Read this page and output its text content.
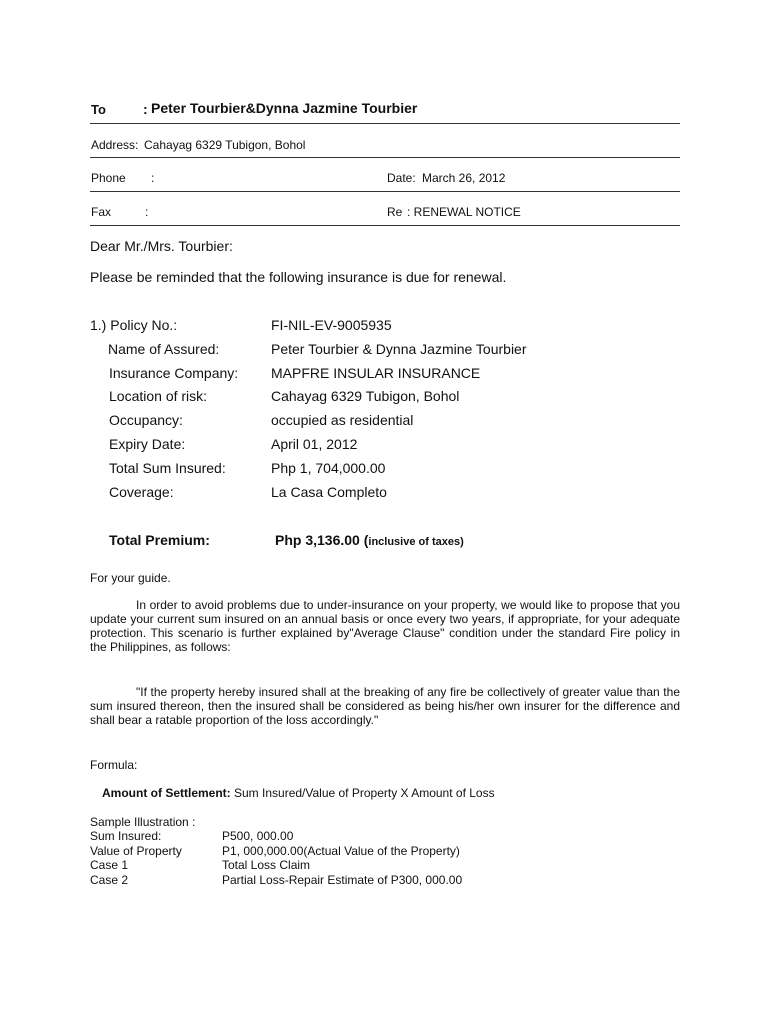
To	: Peter Tourbier&Dynna Jazmine Tourbier
Address: Cahayag 6329 Tubigon, Bohol
Phone :	Date: March 26, 2012
Fax	:	Re : RENEWAL NOTICE
Dear Mr./Mrs. Tourbier:
Please be reminded that the following insurance is due for renewal.
1.) Policy No.:	FI-NIL-EV-9005935
Name of Assured:	Peter Tourbier & Dynna Jazmine Tourbier
Insurance Company: MAPFRE INSULAR INSURANCE
Location of risk:	Cahayag 6329 Tubigon, Bohol
Occupancy:	occupied as residential
Expiry Date:	April 01, 2012
Total Sum Insured:	Php 1, 704,000.00
Coverage:	La Casa Completo
Total Premium:	Php 3,136.00 (inclusive of taxes)
For your guide.
In order to avoid problems due to under-insurance on your property, we would like to propose that you update your current sum insured on an annual basis or once every two years, if appropriate, for your adequate protection. This scenario is further explained by"Average Clause" condition under the standard Fire policy in the Philippines, as follows:
"If the property hereby insured shall at the breaking of any fire be collectively of greater value than the sum insured thereon, then the insured shall be considered as being his/her own insurer for the difference and shall bear a ratable proportion of the loss accordingly."
Formula:
Amount of Settlement: Sum Insured/Value of Property X Amount of Loss
Sample Illustration :
Sum Insured:	P500, 000.00
Value of Property	P1, 000,000.00(Actual Value of the Property)
Case 1	Total Loss Claim
Case 2	Partial Loss-Repair Estimate of P300, 000.00
